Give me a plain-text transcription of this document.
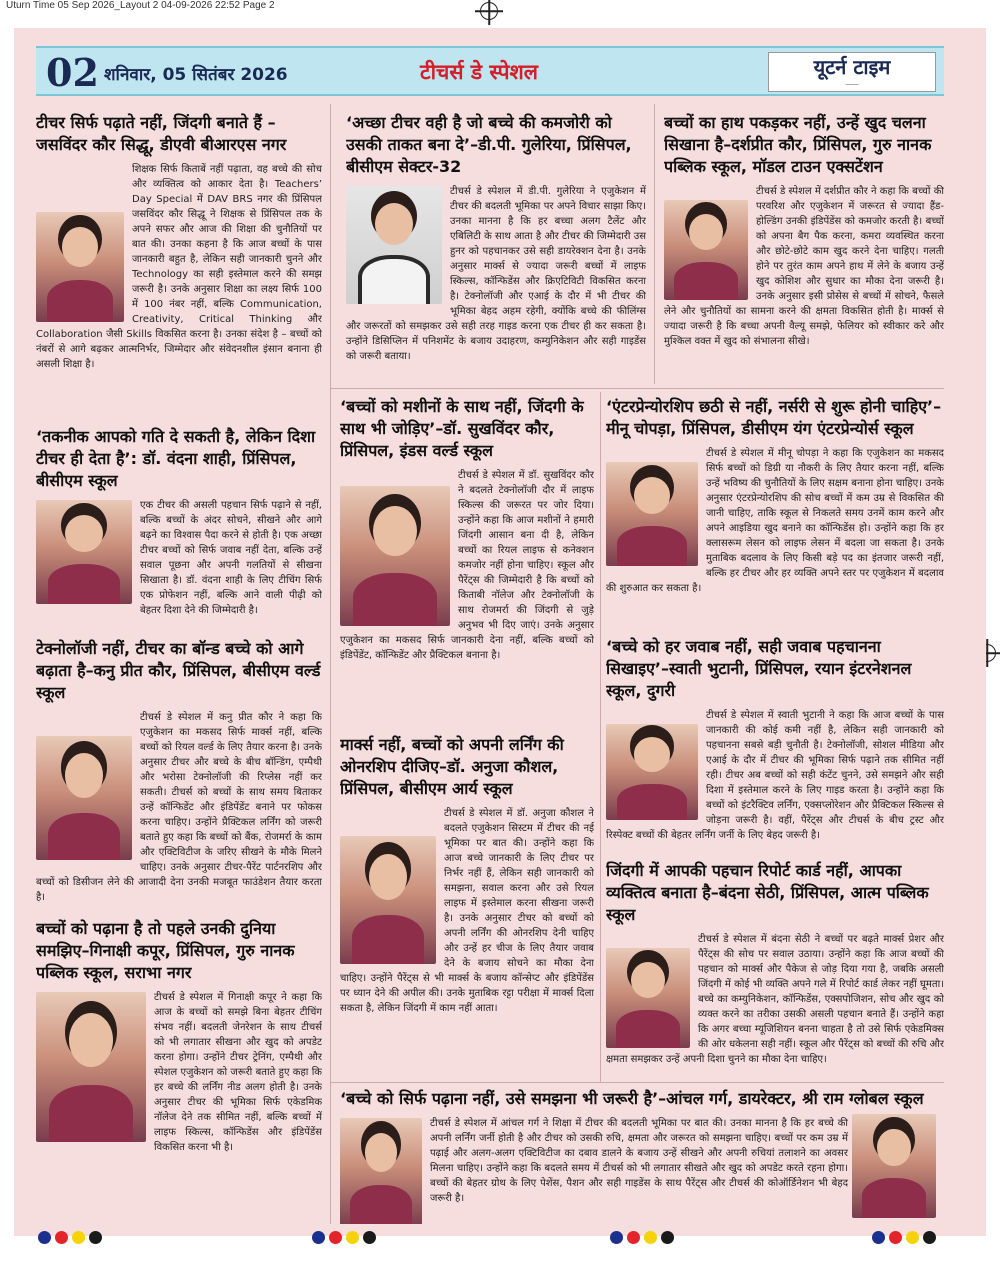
Uturn Time 05 Sep 2026_Layout 2 04-09-2026 22:52 Page 2
02 शनिवार, 05 सितंबर 2026	टीचर्स डे स्पेशल	यूटर्न टाइम
───
टीचर सिर्फ पढ़ाते नहीं, जिंदगी बनाते हैं – जसविंदर कौर सिद्धू, डीएवी बीआरएस नगर
शिक्षक सिर्फ किताबें नहीं पढ़ाता, वह बच्चे की सोच और व्यक्तित्व को आकार देता है। Teachers’ Day Special में DAV BRS नगर की प्रिंसिपल जसविंदर कौर सिद्धू ने शिक्षक से प्रिंसिपल तक के अपने सफर और आज की शिक्षा की चुनौतियों पर बात की। उनका कहना है कि आज बच्चों के पास जानकारी बहुत है, लेकिन सही जानकारी चुनने और Technology का सही इस्तेमाल करने की समझ जरूरी है। उनके अनुसार शिक्षा का लक्ष्य सिर्फ 100 में 100 नंबर नहीं, बल्कि Communication, Creativity, Critical Thinking और Collaboration जैसी Skills विकसित करना है। उनका संदेश है – बच्चों को नंबरों से आगे बढ़कर आत्मनिर्भर, जिम्मेदार और संवेदनशील इंसान बनाना ही असली शिक्षा है।
‘अच्छा टीचर वही है जो बच्चे की कमजोरी को उसकी ताकत बना दे’–डी.पी. गुलेरिया, प्रिंसिपल, बीसीएम सेक्टर-32
टीचर्स डे स्पेशल में डी.पी. गुलेरिया ने एजुकेशन में टीचर की बदलती भूमिका पर अपने विचार साझा किए। उनका मानना है कि हर बच्चा अलग टैलेंट और एबिलिटी के साथ आता है और टीचर की जिम्मेदारी उस हुनर को पहचानकर उसे सही डायरेक्शन देना है। उनके अनुसार मार्क्स से ज्यादा जरूरी बच्चों में लाइफ स्किल्स, कॉन्फिडेंस और क्रिएटिविटी विकसित करना है। टेक्नोलॉजी और एआई के दौर में भी टीचर की भूमिका बेहद अहम रहेगी, क्योंकि बच्चे की फीलिंग्स और जरूरतों को समझकर उसे सही तरह गाइड करना एक टीचर ही कर सकता है। उन्होंने डिसिप्लिन में पनिशमेंट के बजाय उदाहरण, कम्युनिकेशन और सही गाइडेंस को जरूरी बताया।
बच्चों का हाथ पकड़कर नहीं, उन्हें खुद चलना सिखाना है–दर्शप्रीत कौर, प्रिंसिपल, गुरु नानक पब्लिक स्कूल, मॉडल टाउन एक्सटेंशन
टीचर्स डे स्पेशल में दर्शप्रीत कौर ने कहा कि बच्चों की परवरिश और एजुकेशन में जरूरत से ज्यादा हैंड-होल्डिंग उनकी इंडिपेंडेंस को कमजोर करती है। बच्चों को अपना बैग पैक करना, कमरा व्यवस्थित करना और छोटे-छोटे काम खुद करने देना चाहिए। गलती होने पर तुरंत काम अपने हाथ में लेने के बजाय उन्हें खुद कोशिश और सुधार का मौका देना जरूरी है। उनके अनुसार इसी प्रोसेस से बच्चों में सोचने, फैसले लेने और चुनौतियों का सामना करने की क्षमता विकसित होती है। मार्क्स से ज्यादा जरूरी है कि बच्चा अपनी वैल्यू समझे, फेलियर को स्वीकार करे और मुश्किल वक्त में खुद को संभालना सीखे।
‘तकनीक आपको गति दे सकती है, लेकिन दिशा टीचर ही देता है’: डॉ. वंदना शाही, प्रिंसिपल, बीसीएम स्कूल
एक टीचर की असली पहचान सिर्फ पढ़ाने से नहीं, बल्कि बच्चों के अंदर सोचने, सीखने और आगे बढ़ने का विश्वास पैदा करने से होती है। एक अच्छा टीचर बच्चों को सिर्फ जवाब नहीं देता, बल्कि उन्हें सवाल पूछना और अपनी गलतियों से सीखना सिखाता है। डॉ. वंदना शाही के लिए टीचिंग सिर्फ एक प्रोफेशन नहीं, बल्कि आने वाली पीढ़ी को बेहतर दिशा देने की जिम्मेदारी है।
‘बच्चों को मशीनों के साथ नहीं, जिंदगी के साथ भी जोड़िए’–डॉ. सुखविंदर कौर, प्रिंसिपल, इंडस वर्ल्ड स्कूल
टीचर्स डे स्पेशल में डॉ. सुखविंदर कौर ने बदलते टेक्नोलॉजी दौर में लाइफ स्किल्स की जरूरत पर जोर दिया। उन्होंने कहा कि आज मशीनों ने हमारी जिंदगी आसान बना दी है, लेकिन बच्चों का रियल लाइफ से कनेक्शन कमजोर नहीं होना चाहिए। स्कूल और पैरेंट्स की जिम्मेदारी है कि बच्चों को किताबी नॉलेज और टेक्नोलॉजी के साथ रोजमर्रा की जिंदगी से जुड़े अनुभव भी दिए जाएं। उनके अनुसार एजुकेशन का मकसद सिर्फ जानकारी देना नहीं, बल्कि बच्चों को इंडिपेंडेंट, कॉन्फिडेंट और प्रैक्टिकल बनाना है।
‘एंटरप्रेन्योरशिप छठी से नहीं, नर्सरी से शुरू होनी चाहिए’–मीनू चोपड़ा, प्रिंसिपल, डीसीएम यंग एंटरप्रेन्योर्स स्कूल
टीचर्स डे स्पेशल में मीनू चोपड़ा ने कहा कि एजुकेशन का मकसद सिर्फ बच्चों को डिग्री या नौकरी के लिए तैयार करना नहीं, बल्कि उन्हें भविष्य की चुनौतियों के लिए सक्षम बनाना होना चाहिए। उनके अनुसार एंटरप्रेन्योरशिप की सोच बच्चों में कम उम्र से विकसित की जानी चाहिए, ताकि स्कूल से निकलते समय उनमें काम करने और अपने आइडिया खुद बनाने का कॉन्फिडेंस हो। उन्होंने कहा कि हर क्लासरूम लेसन को लाइफ लेसन में बदला जा सकता है। उनके मुताबिक बदलाव के लिए किसी बड़े पद का इंतजार जरूरी नहीं, बल्कि हर टीचर और हर व्यक्ति अपने स्तर पर एजुकेशन में बदलाव की शुरुआत कर सकता है।
टेक्नोलॉजी नहीं, टीचर का बॉन्ड बच्चे को आगे बढ़ाता है–कनु प्रीत कौर, प्रिंसिपल, बीसीएम वर्ल्ड स्कूल
टीचर्स डे स्पेशल में कनु प्रीत कौर ने कहा कि एजुकेशन का मकसद सिर्फ मार्क्स नहीं, बल्कि बच्चों को रियल वर्ल्ड के लिए तैयार करना है। उनके अनुसार टीचर और बच्चे के बीच बॉन्डिंग, एम्पैथी और भरोसा टेक्नोलॉजी की रिप्लेस नहीं कर सकती। टीचर्स को बच्चों के साथ समय बिताकर उन्हें कॉन्फिडेंट और इंडिपेंडेंट बनाने पर फोकस करना चाहिए। उन्होंने प्रैक्टिकल लर्निंग को जरूरी बताते हुए कहा कि बच्चों को बैंक, रोजमर्रा के काम और एक्टिविटीज के जरिए सीखने के मौके मिलने चाहिए। उनके अनुसार टीचर-पैरेंट पार्टनरशिप और बच्चों को डिसीजन लेने की आजादी देना उनकी मजबूत फाउंडेशन तैयार करता है।
मार्क्स नहीं, बच्चों को अपनी लर्निंग की ओनरशिप दीजिए–डॉ. अनुजा कौशल, प्रिंसिपल, बीसीएम आर्य स्कूल
टीचर्स डे स्पेशल में डॉ. अनुजा कौशल ने बदलते एजुकेशन सिस्टम में टीचर की नई भूमिका पर बात की। उन्होंने कहा कि आज बच्चे जानकारी के लिए टीचर पर निर्भर नहीं हैं, लेकिन सही जानकारी को समझना, सवाल करना और उसे रियल लाइफ में इस्तेमाल करना सीखना जरूरी है। उनके अनुसार टीचर को बच्चों को अपनी लर्निंग की ओनरशिप देनी चाहिए और उन्हें हर चीज के लिए तैयार जवाब देने के बजाय सोचने का मौका देना चाहिए। उन्होंने पैरेंट्स से भी मार्क्स के बजाय कॉन्सेप्ट और इंडिपेंडेंस पर ध्यान देने की अपील की। उनके मुताबिक रट्टा परीक्षा में मार्क्स दिला सकता है, लेकिन जिंदगी में काम नहीं आता।
‘बच्चे को हर जवाब नहीं, सही जवाब पहचानना सिखाइए’–स्वाती भुटानी, प्रिंसिपल, रयान इंटरनेशनल स्कूल, दुगरी
टीचर्स डे स्पेशल में स्वाती भुटानी ने कहा कि आज बच्चों के पास जानकारी की कोई कमी नहीं है, लेकिन सही जानकारी को पहचानना सबसे बड़ी चुनौती है। टेक्नोलॉजी, सोशल मीडिया और एआई के दौर में टीचर की भूमिका सिर्फ पढ़ाने तक सीमित नहीं रही। टीचर अब बच्चों को सही कंटेंट चुनने, उसे समझने और सही दिशा में इस्तेमाल करने के लिए गाइड करता है। उन्होंने कहा कि बच्चों को इंटरैक्टिव लर्निंग, एक्सप्लोरेशन और प्रैक्टिकल स्किल्स से जोड़ना जरूरी है। वहीं, पैरेंट्स और टीचर्स के बीच ट्रस्ट और रिस्पेक्ट बच्चों की बेहतर लर्निंग जर्नी के लिए बेहद जरूरी है।
बच्चों को पढ़ाना है तो पहले उनकी दुनिया समझिए–गिनाक्षी कपूर, प्रिंसिपल, गुरु नानक पब्लिक स्कूल, सराभा नगर
टीचर्स डे स्पेशल में गिनाक्षी कपूर ने कहा कि आज के बच्चों को समझे बिना बेहतर टीचिंग संभव नहीं। बदलती जेनरेशन के साथ टीचर्स को भी लगातार सीखना और खुद को अपडेट करना होगा। उन्होंने टीचर ट्रेनिंग, एम्पैथी और स्पेशल एजुकेशन को जरूरी बताते हुए कहा कि हर बच्चे की लर्निंग नीड अलग होती है। उनके अनुसार टीचर की भूमिका सिर्फ एकेडमिक नॉलेज देने तक सीमित नहीं, बल्कि बच्चों में लाइफ स्किल्स, कॉन्फिडेंस और इंडिपेंडेंस विकसित करना भी है।
जिंदगी में आपकी पहचान रिपोर्ट कार्ड नहीं, आपका व्यक्तित्व बनाता है–बंदना सेठी, प्रिंसिपल, आत्म पब्लिक स्कूल
टीचर्स डे स्पेशल में बंदना सेठी ने बच्चों पर बढ़ते मार्क्स प्रेशर और पैरेंट्स की सोच पर सवाल उठाया। उन्होंने कहा कि आज बच्चों की पहचान को मार्क्स और पैकेज से जोड़ दिया गया है, जबकि असली जिंदगी में कोई भी व्यक्ति अपने गले में रिपोर्ट कार्ड लेकर नहीं घूमता। बच्चे का कम्युनिकेशन, कॉन्फिडेंस, एक्सपोजिशन, सोच और खुद को व्यक्त करने का तरीका उसकी असली पहचान बनाते हैं। उन्होंने कहा कि अगर बच्चा म्यूजिशियन बनना चाहता है तो उसे सिर्फ एकेडमिक्स की ओर धकेलना सही नहीं। स्कूल और पैरेंट्स को बच्चों की रुचि और क्षमता समझकर उन्हें अपनी दिशा चुनने का मौका देना चाहिए।
‘बच्चे को सिर्फ पढ़ाना नहीं, उसे समझना भी जरूरी है’–आंचल गर्ग, डायरेक्टर, श्री राम ग्लोबल स्कूल
टीचर्स डे स्पेशल में आंचल गर्ग ने शिक्षा में टीचर की बदलती भूमिका पर बात की। उनका मानना है कि हर बच्चे की अपनी लर्निंग जर्नी होती है और टीचर को उसकी रुचि, क्षमता और जरूरत को समझना चाहिए। बच्चों पर कम उम्र में पढ़ाई और अलग-अलग एक्टिविटीज का दबाव डालने के बजाय उन्हें सीखने और अपनी रुचियां तलाशने का अवसर मिलना चाहिए। उन्होंने कहा कि बदलते समय में टीचर्स को भी लगातार सीखते और खुद को अपडेट करते रहना होगा। बच्चों की बेहतर ग्रोथ के लिए पेशेंस, पैशन और सही गाइडेंस के साथ पैरेंट्स और टीचर्स की कोऑर्डिनेशन भी बेहद जरूरी है।
